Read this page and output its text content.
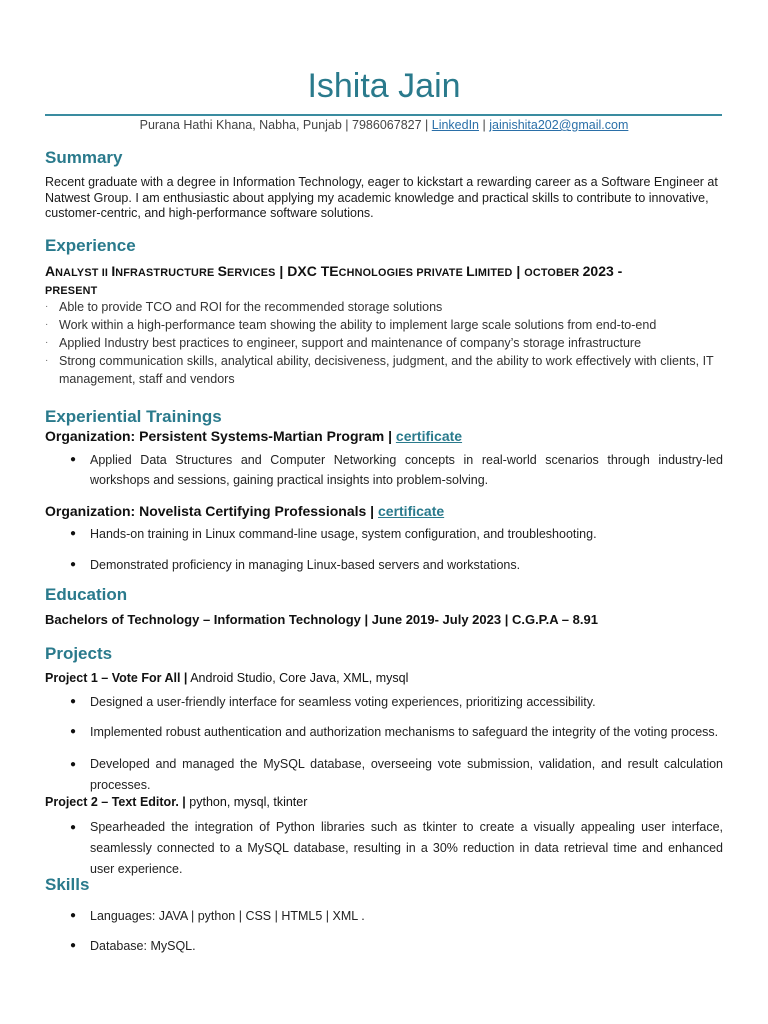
Ishita Jain
Purana Hathi Khana, Nabha, Punjab | 7986067827 | LinkedIn | jainishita202@gmail.com
Summary
Recent graduate with a degree in Information Technology, eager to kickstart a rewarding career as a Software Engineer at Natwest Group. I am enthusiastic about applying my academic knowledge and practical skills to contribute to innovative, customer-centric, and high-performance software solutions.
Experience
ANALYST II INFRASTRUCTURE SERVICES | DXC TECHNOLOGIES PRIVATE LIMITED | OCTOBER 2023 -
PRESENT
· Able to provide TCO and ROI for the recommended storage solutions
· Work within a high-performance team showing the ability to implement large scale solutions from end-to-end
· Applied Industry best practices to engineer, support and maintenance of company’s storage infrastructure
· Strong communication skills, analytical ability, decisiveness, judgment, and the ability to work effectively with clients, IT management, staff and vendors
Experiential Trainings
Organization: Persistent Systems-Martian Program | certificate
● Applied Data Structures and Computer Networking concepts in real-world scenarios through industry-led workshops and sessions, gaining practical insights into problem-solving.
Organization: Novelista Certifying Professionals | certificate
● Hands-on training in Linux command-line usage, system configuration, and troubleshooting.
● Demonstrated proficiency in managing Linux-based servers and workstations.
Education
Bachelors of Technology – Information Technology | June 2019- July 2023 | C.G.P.A – 8.91
Projects
Project 1 – Vote For All | Android Studio, Core Java, XML, mysql
● Designed a user-friendly interface for seamless voting experiences, prioritizing accessibility.
● Implemented robust authentication and authorization mechanisms to safeguard the integrity of the voting process.
● Developed and managed the MySQL database, overseeing vote submission, validation, and result calculation processes.
Project 2 – Text Editor. | python, mysql, tkinter
● Spearheaded the integration of Python libraries such as tkinter to create a visually appealing user interface, seamlessly connected to a MySQL database, resulting in a 30% reduction in data retrieval time and enhanced user experience.
Skills
● Languages: JAVA | python | CSS | HTML5 | XML .
● Database: MySQL.
